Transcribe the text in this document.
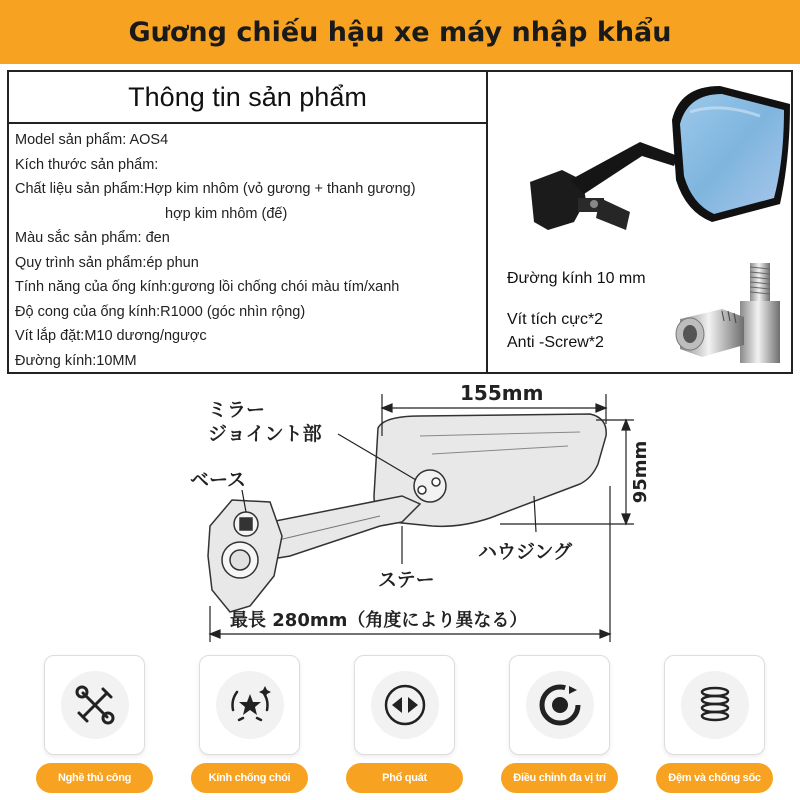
Gương chiếu hậu xe máy nhập khẩu
Thông tin sản phẩm
Model sản phẩm: AOS4
Kích thước sản phẩm:
Chất liệu sản phẩm:Hợp kim nhôm (vỏ gương + thanh gương)
hợp kim nhôm (đế)
Màu sắc sản phẩm: đen
Quy trình sản phẩm:ép phun
Tính năng của ống kính:gương lồi chống chói màu tím/xanh
Độ cong của ống kính:R1000 (góc nhìn rộng)
Vít lắp đặt:M10 dương/ngược
Đường kính:10MM
Đường kính 10 mm
Vít tích cực*2
Anti -Screw*2
155mm
95mm
ミラー
ジョイント部
ベース
ステー
ハウジング
最長 280mm（角度により異なる）
Nghề thủ công	Kính chống chói	Phổ quát	Điều chỉnh đa vị trí	Đệm và chống sốc
